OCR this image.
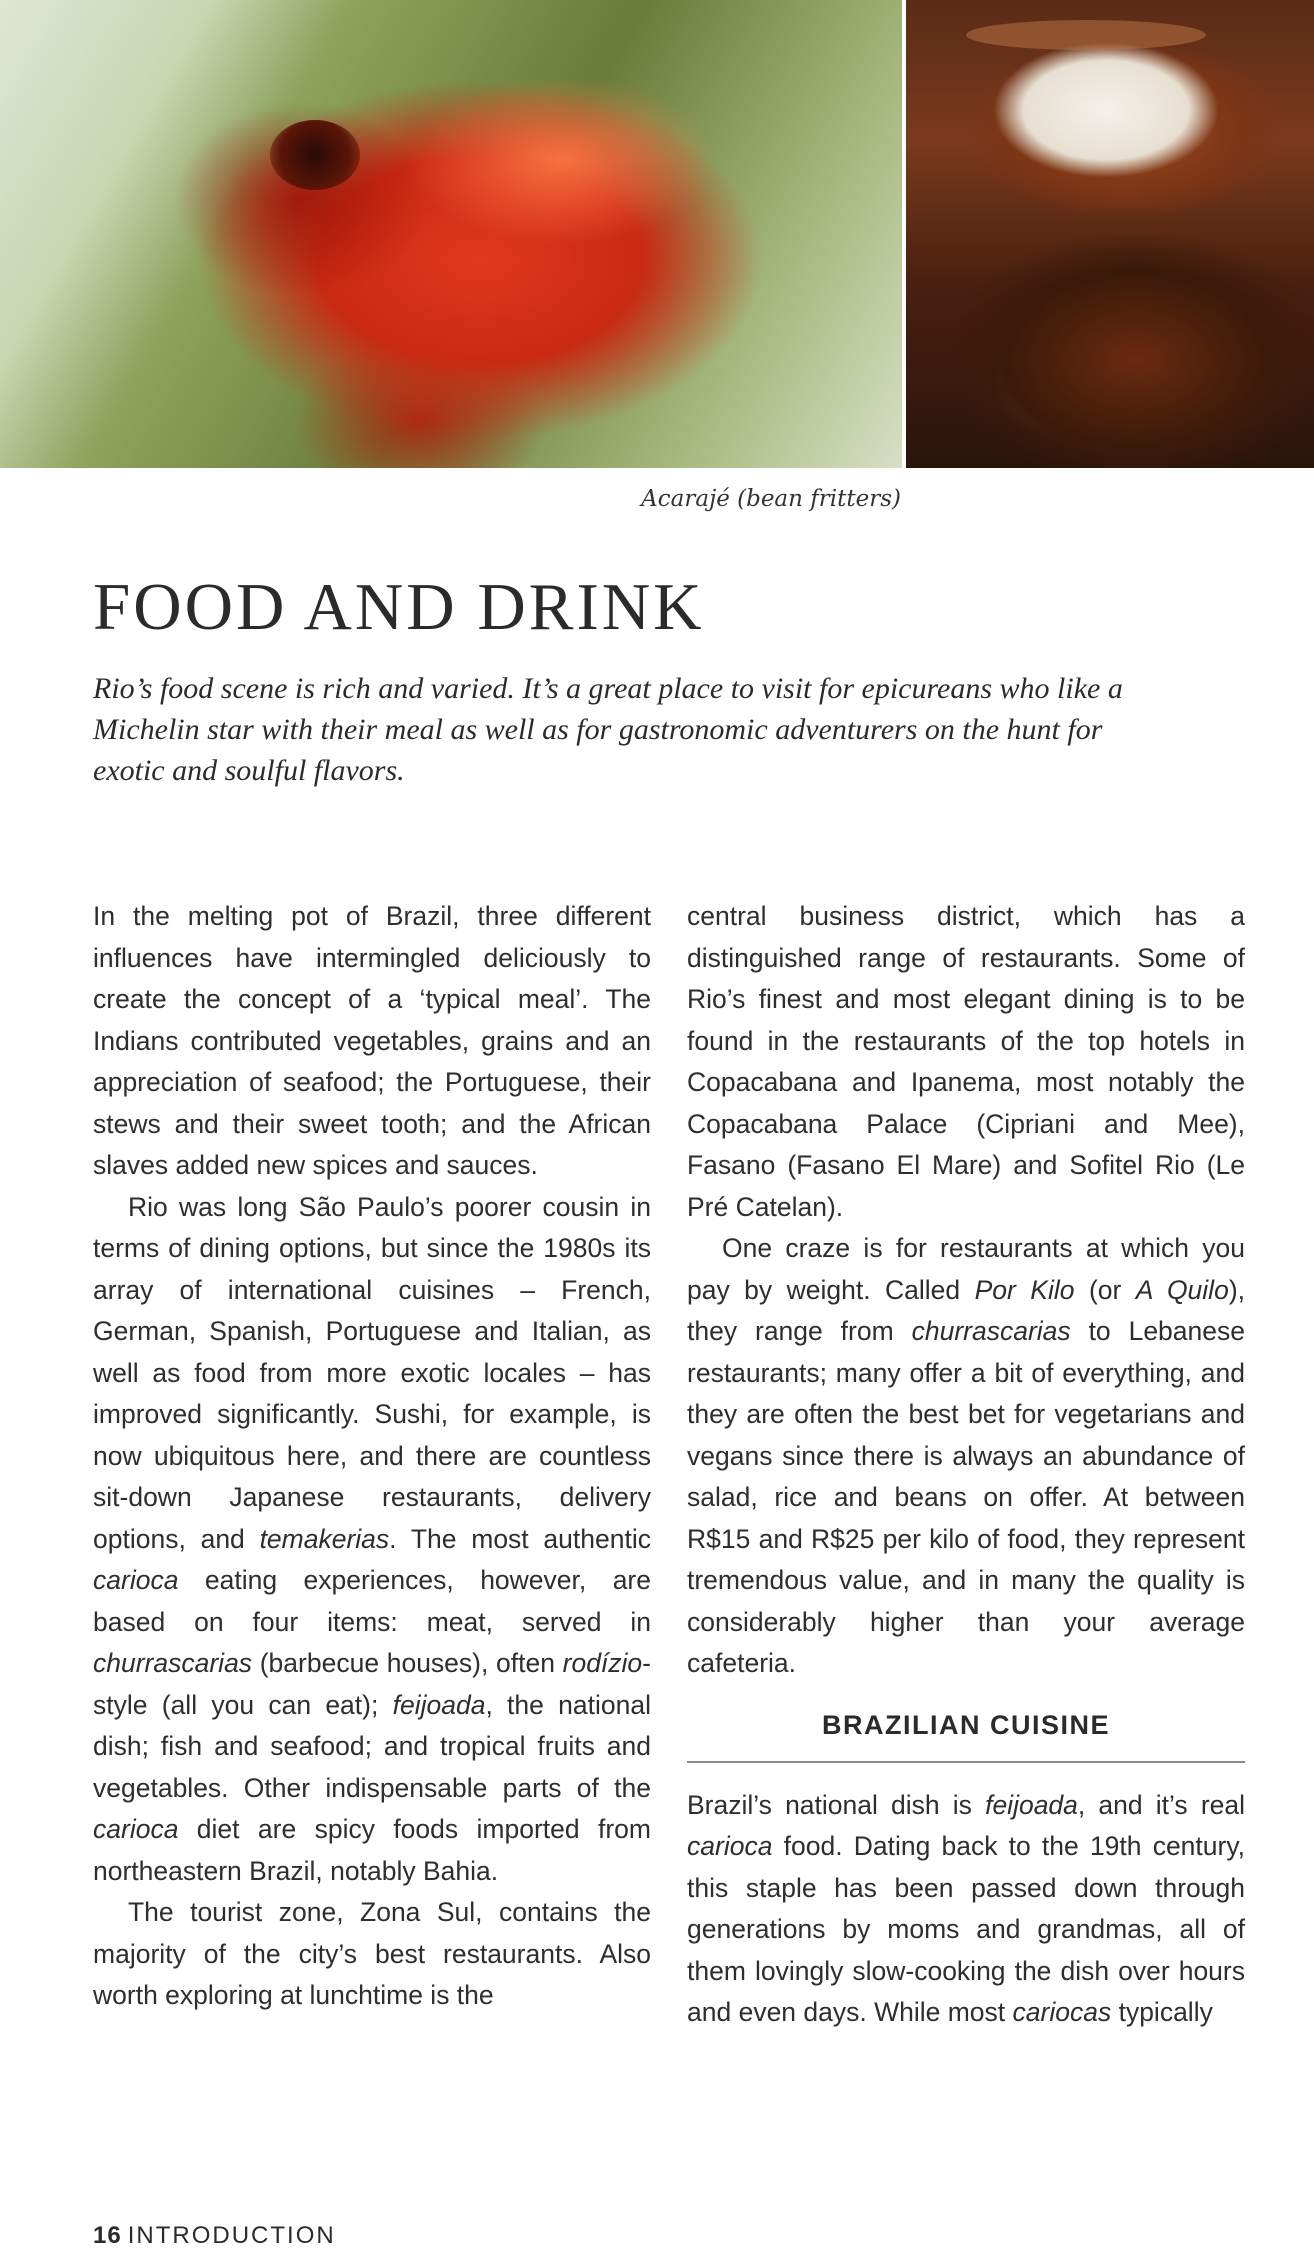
Acarajé (bean fritters)
FOOD AND DRINK

Rio’s food scene is rich and varied. It’s a great place to visit for epicureans who like a Michelin star with their meal as well as for gastronomic adventurers on the hunt for exotic and soulful flavors.

In the melting pot of Brazil, three different influences have intermingled deliciously to create the concept of a ‘typical meal’. The Indians contributed vegetables, grains and an appreciation of seafood; the Portuguese, their stews and their sweet tooth; and the African slaves added new spices and sauces.

Rio was long São Paulo’s poorer cousin in terms of dining options, but since the 1980s its array of international cuisines – French, German, Spanish, Portuguese and Italian, as well as food from more exotic locales – has improved significantly. Sushi, for example, is now ubiquitous here, and there are countless sit-down Japanese restaurants, delivery options, and temakerias. The most authentic carioca eating experiences, however, are based on four items: meat, served in churrascarias (barbecue houses), often rodízio-style (all you can eat); feijoada, the national dish; fish and seafood; and tropical fruits and vegetables. Other indispensable parts of the carioca diet are spicy foods imported from northeastern Brazil, notably Bahia.

The tourist zone, Zona Sul, contains the majority of the city’s best restaurants. Also worth exploring at lunchtime is the

central business district, which has a distinguished range of restaurants. Some of Rio’s finest and most elegant dining is to be found in the restaurants of the top hotels in Copacabana and Ipanema, most notably the Copacabana Palace (Cipriani and Mee), Fasano (Fasano El Mare) and Sofitel Rio (Le Pré Catelan).

One craze is for restaurants at which you pay by weight. Called Por Kilo (or A Quilo), they range from churrascarias to Lebanese restaurants; many offer a bit of everything, and they are often the best bet for vegetarians and vegans since there is always an abundance of salad, rice and beans on offer. At between R$15 and R$25 per kilo of food, they represent tremendous value, and in many the quality is considerably higher than your average cafeteria.

BRAZILIAN CUISINE

Brazil’s national dish is feijoada, and it’s real carioca food. Dating back to the 19th century, this staple has been passed down through generations by moms and grandmas, all of them lovingly slow-cooking the dish over hours and even days. While most cariocas typically

16 INTRODUCTION
